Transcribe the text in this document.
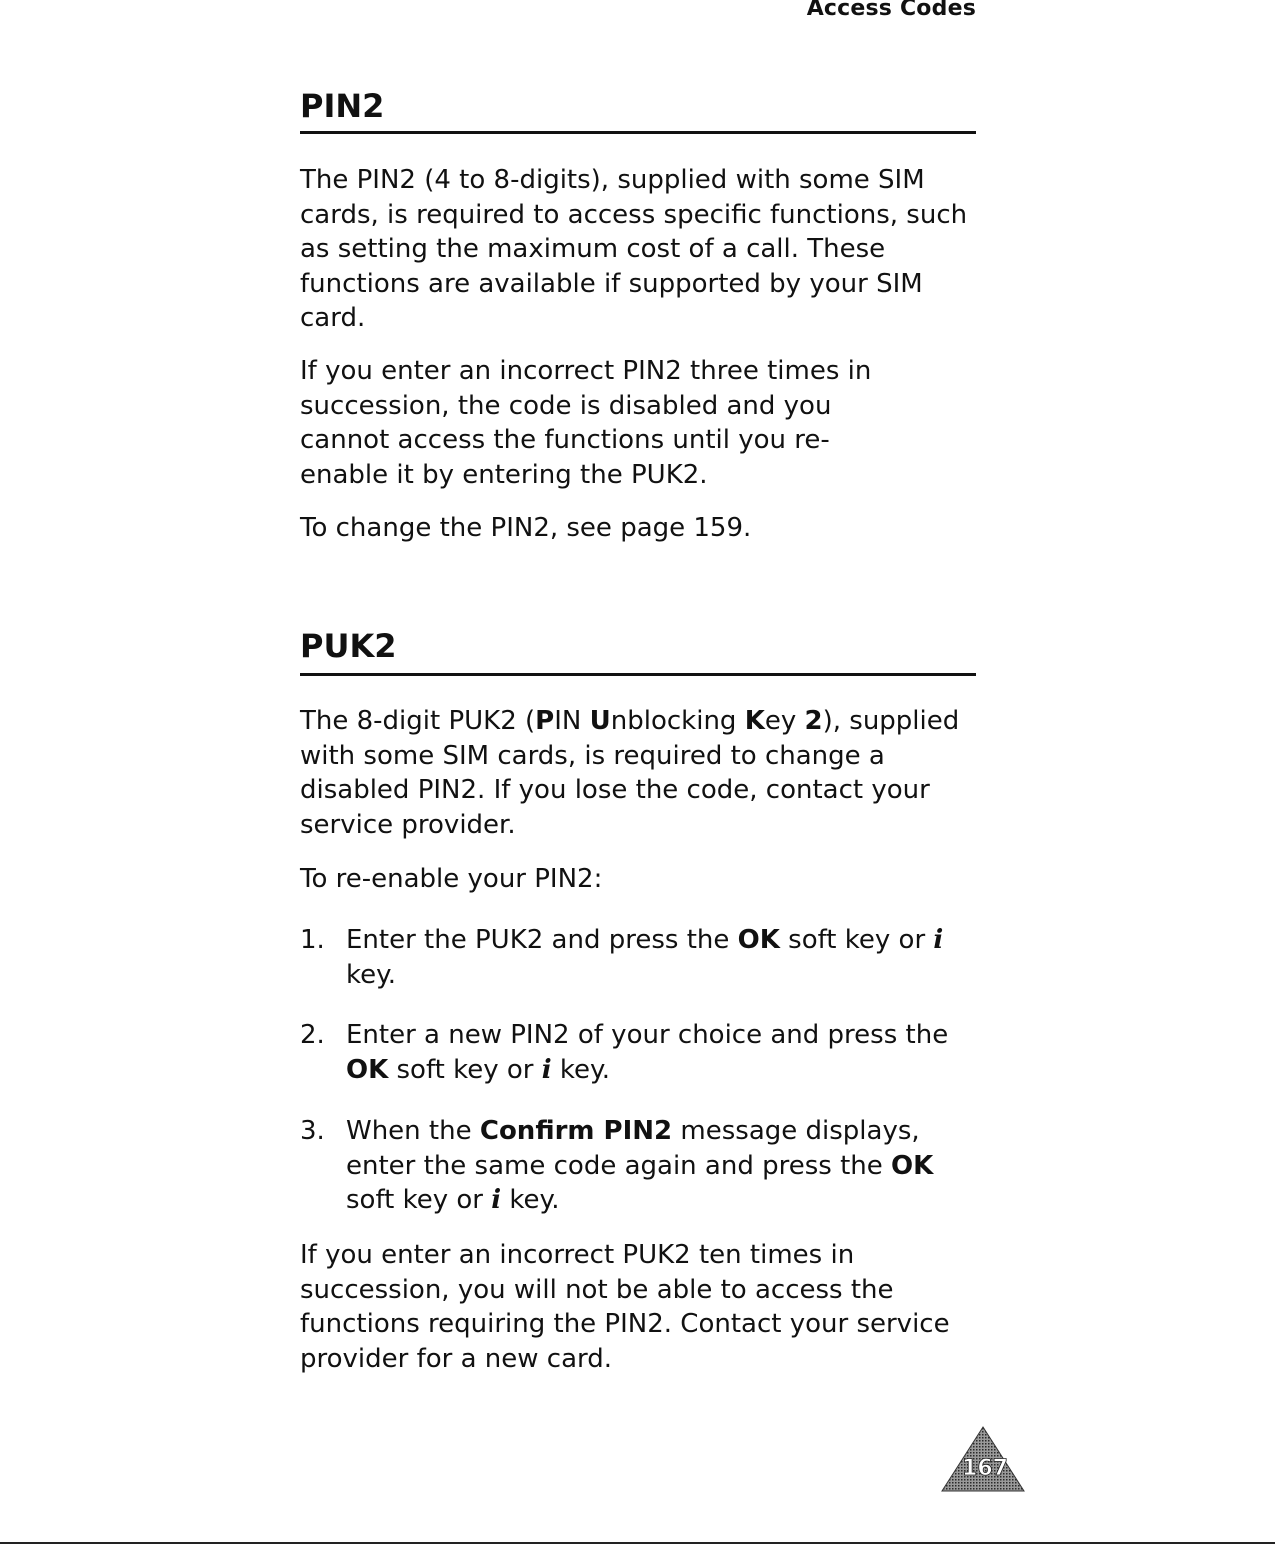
Access Codes
PIN2

The PIN2 (4 to 8-digits), supplied with some SIM cards, is required to access specific functions, such as setting the maximum cost of a call. These functions are available if supported by your SIM card.

If you enter an incorrect PIN2 three times in succession, the code is disabled and you cannot access the functions until you re-enable it by entering the PUK2.

To change the PIN2, see page 159.

PUK2

The 8-digit PUK2 (PIN Unblocking Key 2), supplied with some SIM cards, is required to change a disabled PIN2. If you lose the code, contact your service provider.

To re-enable your PIN2:

1. Enter the PUK2 and press the OK soft key or i key.
2. Enter a new PIN2 of your choice and press the OK soft key or i key.
3. When the Confirm PIN2 message displays, enter the same code again and press the OK soft key or i key.

If you enter an incorrect PUK2 ten times in succession, you will not be able to access the functions requiring the PIN2. Contact your service provider for a new card.

167
